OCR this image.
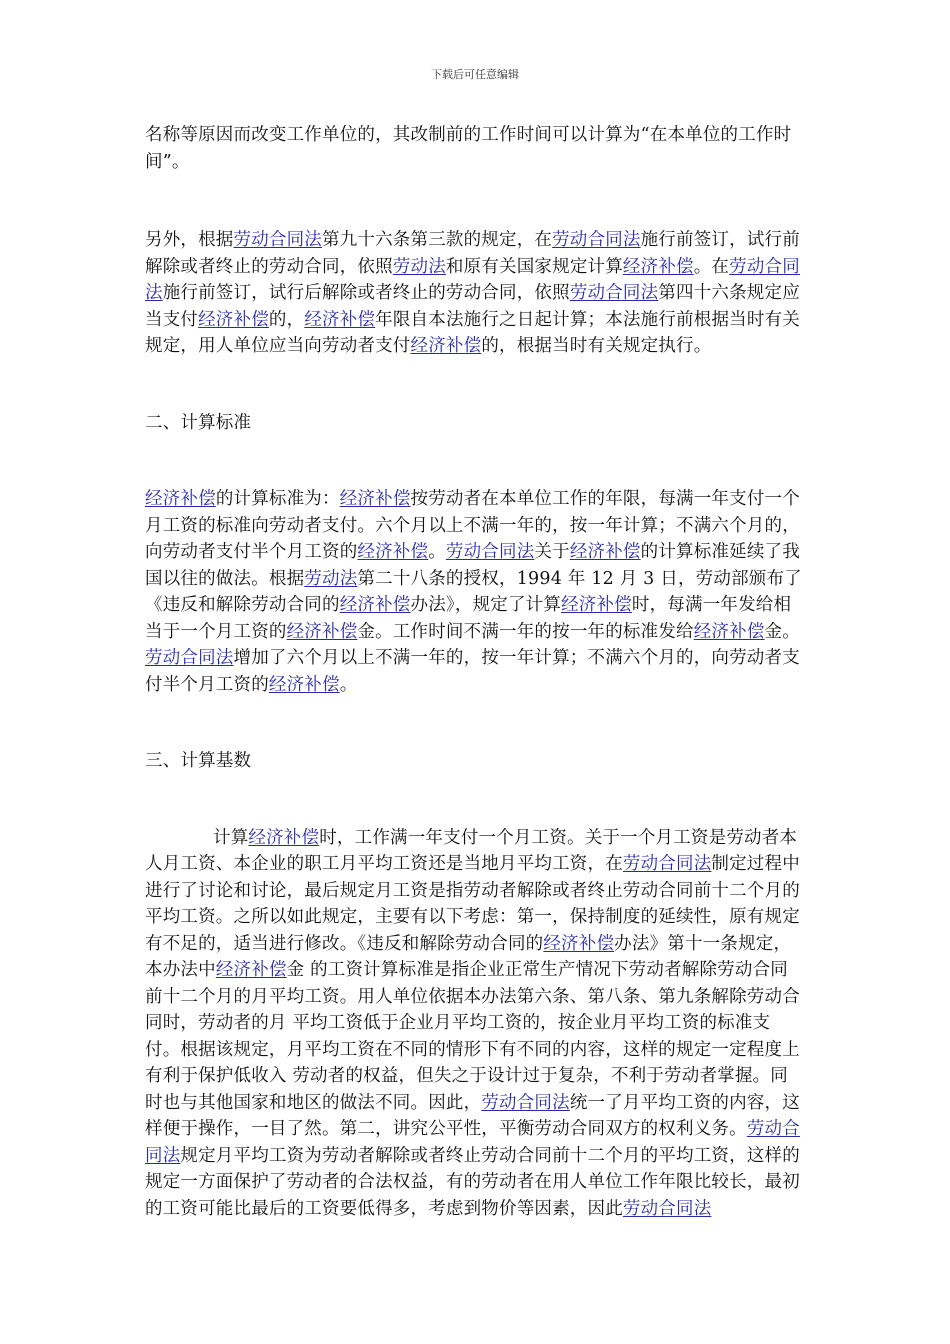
下载后可任意编辑

名称等原因而改变工作单位的，其改制前的工作时间可以计算为“在本单位的工作时间”。

另外，根据劳动合同法第九十六条第三款的规定，在劳动合同法施行前签订，试行前解除或者终止的劳动合同，依照劳动法和原有关国家规定计算经济补偿。在劳动合同法施行前签订，试行后解除或者终止的劳动合同，依照劳动合同法第四十六条规定应当支付经济补偿的，经济补偿年限自本法施行之日起计算；本法施行前根据当时有关规定，用人单位应当向劳动者支付经济补偿的，根据当时有关规定执行。

二、计算标准

经济补偿的计算标准为：经济补偿按劳动者在本单位工作的年限，每满一年支付一个月工资的标准向劳动者支付。六个月以上不满一年的，按一年计算；不满六个月的，向劳动者支付半个月工资的经济补偿。劳动合同法关于经济补偿的计算标准延续了我国以往的做法。根据劳动法第二十八条的授权，1994 年 12 月 3 日，劳动部颁布了《违反和解除劳动合同的经济补偿办法》，规定了计算经济补偿时，每满一年发给相当于一个月工资的经济补偿金。工作时间不满一年的按一年的标准发给经济补偿金。劳动合同法增加了六个月以上不满一年的，按一年计算；不满六个月的，向劳动者支付半个月工资的经济补偿。

三、计算基数

计算经济补偿时，工作满一年支付一个月工资。关于一个月工资是劳动者本人月工资、本企业的职工月平均工资还是当地月平均工资，在劳动合同法制定过程中进行了讨论和讨论，最后规定月工资是指劳动者解除或者终止劳动合同前十二个月的平均工资。之所以如此规定，主要有以下考虑：第一，保持制度的延续性，原有规定有不足的，适当进行修改。《违反和解除劳动合同的经济补偿办法》第十一条规定，本办法中经济补偿金 的工资计算标准是指企业正常生产情况下劳动者解除劳动合同前十二个月的月平均工资。用人单位依据本办法第六条、第八条、第九条解除劳动合同时，劳动者的月 平均工资低于企业月平均工资的，按企业月平均工资的标准支付。根据该规定，月平均工资在不同的情形下有不同的内容，这样的规定一定程度上有利于保护低收入 劳动者的权益，但失之于设计过于复杂，不利于劳动者掌握。同时也与其他国家和地区的做法不同。因此，劳动合同法统一了月平均工资的内容，这样便于操作，一目了然。第二，讲究公平性，平衡劳动合同双方的权利义务。劳动合同法规定月平均工资为劳动者解除或者终止劳动合同前十二个月的平均工资，这样的规定一方面保护了劳动者的合法权益，有的劳动者在用人单位工作年限比较长，最初的工资可能比最后的工资要低得多，考虑到物价等因素，因此劳动合同法
